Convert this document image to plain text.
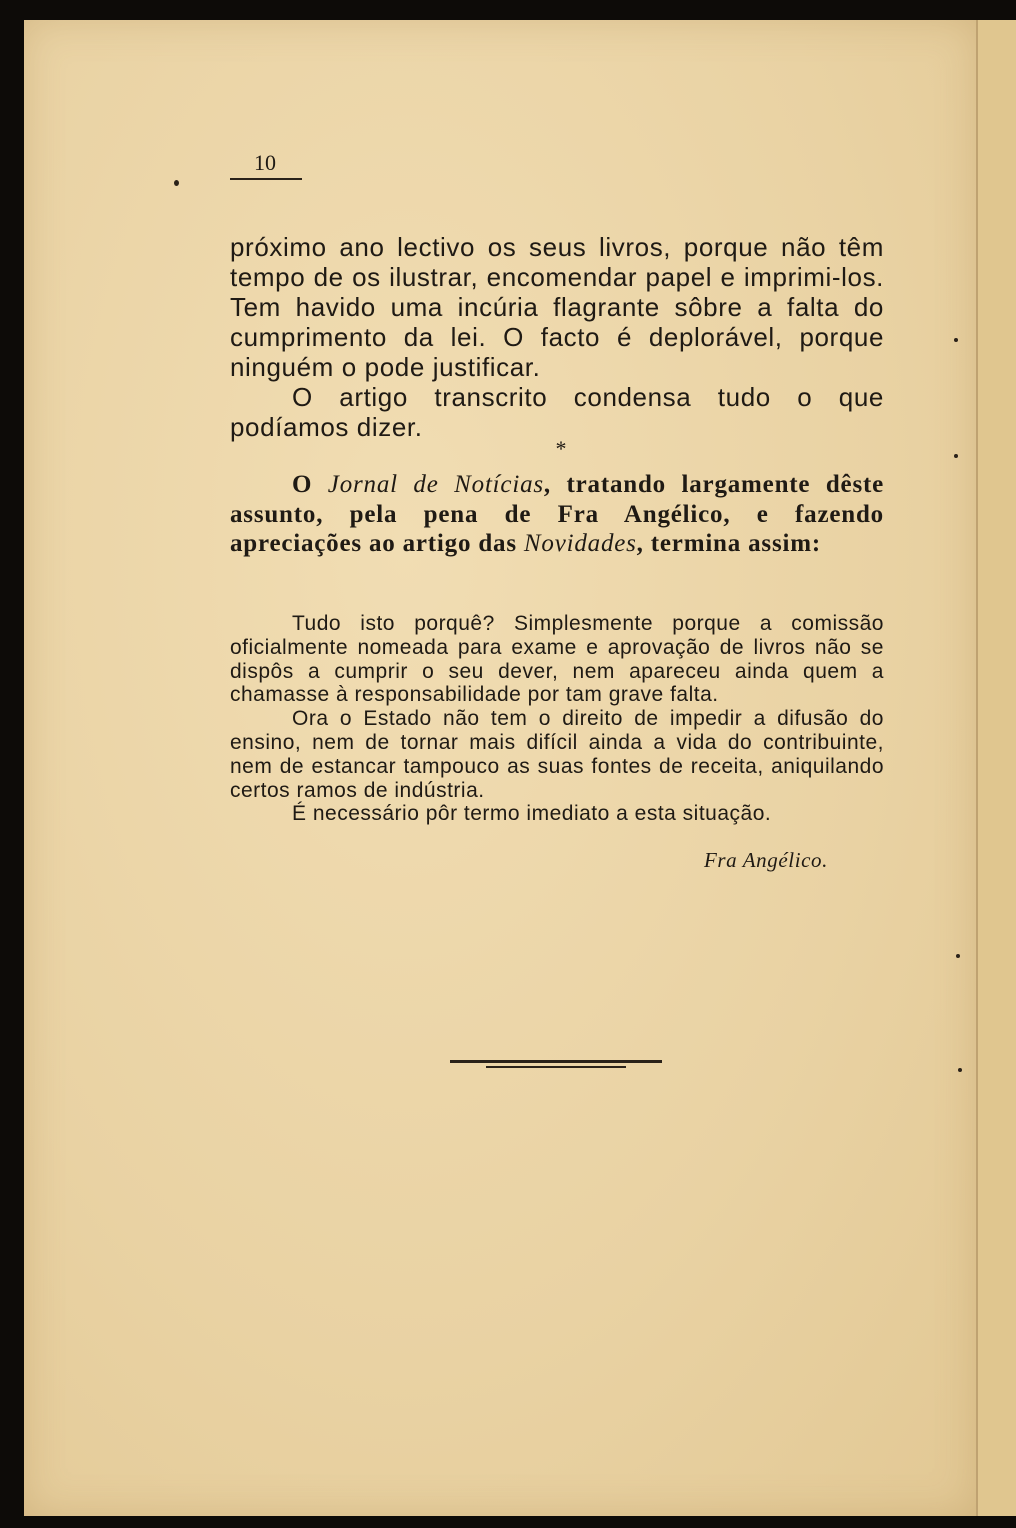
10

próximo ano lectivo os seus livros, porque não têm tempo de os ilustrar, encomendar papel e imprimi-los. Tem havido uma incúria flagrante sôbre a falta do cumprimento da lei. O facto é deplorável, porque ninguém o pode justificar.

O artigo transcrito condensa tudo o que podíamos dizer.

*

O Jornal de Notícias, tratando largamente dêste assunto, pela pena de Fra Angélico, e fazendo apreciações ao artigo das Novidades, termina assim:

Tudo isto porquê? Simplesmente porque a comissão oficialmente nomeada para exame e aprovação de livros não se dispôs a cumprir o seu dever, nem apareceu ainda quem a chamasse à responsabilidade por tam grave falta.

Ora o Estado não tem o direito de impedir a difusão do ensino, nem de tornar mais difícil ainda a vida do contribuinte, nem de estancar tampouco as suas fontes de receita, aniquilando certos ramos de indústria.

É necessário pôr termo imediato a esta situação.

Fra Angélico.
